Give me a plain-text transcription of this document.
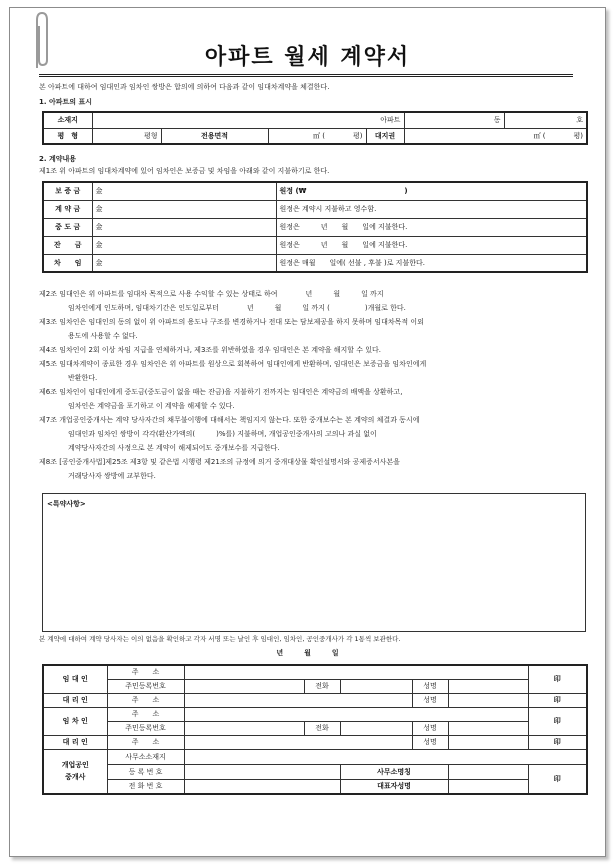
아파트 월세 계약서
본 아파트에 대하여 임대인과 임차인 쌍방은 합의에 의하여 다음과 같이 임대차계약을 체결한다.
1. 아파트의 표시
소재지	아파트				동	호
평　형	평형	전용면적	㎡ (　　　　평)	대지권	㎡ (　　　　평)	
2. 계약내용
제1조 위 아파트의 임대차계약에 있어 임차인은 보증금 및 차임을 아래와 같이 지불하기로 한다.
보 증 금	金	원정 (₩　　　　　　　　　　　　　　)
계 약 금	金	원정은 계약시 지불하고 영수함.
중 도 금	金	원정은　　　년　　월　　일에 지불한다.
잔　　금	金	원정은　　　년　　월　　일에 지불한다.
차　　임	金	원정은 매월　　일에( 선불 , 후불 )로 지불한다.
제2조 임대인은 위 아파트를 임대차 목적으로 사용 수익할 수 있는 상태로 하여　　　　년　　　월　　　일 까지
임차인에게 인도하며, 임대차기간은 인도일로부터　　　　년　　　월　　　일 까지 (　　　　　)개월로 한다.
제3조 임차인은 임대인의 동의 없이 위 아파트의 용도나 구조를 변경하거나 전대 또는 담보제공을 하지 못하며 임대차목적 이외
용도에 사용할 수 없다.
제4조 임차인이 2회 이상 차임 지급을 연체하거나, 제3조를 위반하였을 경우 임대인은 본 계약을 해지할 수 있다.
제5조 임대차계약이 종료한 경우 임차인은 위 아파트를 원상으로 회복하여 임대인에게 반환하며, 임대인은 보증금을 임차인에게
반환한다.
제6조 임차인이 임대인에게 중도금(중도금이 없을 때는 잔금)을 지불하기 전까지는 임대인은 계약금의 배액을 상환하고,
임차인은 계약금을 포기하고 이 계약을 해제할 수 있다.
제7조 개업공인중개사는 계약 당사자간의 채무불이행에 대해서는 책임지지 않는다. 또한 중개보수는 본 계약의 체결과 동시에
임대인과 임차인 쌍방이 각각(환산가액의(　　　)%를) 지불하며, 개업공인중개사의 고의나 과실 없이
계약당사자간의 사정으로 본 계약이 해제되어도 중개보수를 지급한다.
제8조 [공인중개사법]제25조 제3항 및 같은법 시행령 제21조의 규정에 의거 중개대상물 확인설명서와 공제증서사본을
거래당사자 쌍방에 교부한다.
<특약사항>
본 계약에 대하여 계약 당사자는 이의 없음을 확인하고 각자 서명 또는 날인 후 임대인, 임차인, 공인중개사가 각 1통씩 보관한다.
년　　　월　　　일
임 대 인	주　　소						印
	주민등록번호		전화		성명		
대 리 인	주　　소				성명		印
임 차 인	주　　소						印
	주민등록번호		전화		성명		
대 리 인	주　　소				성명		印
개업공인
중개사	사무소소재지						
	등 록 번 호			사무소명칭			印
	전 화 번 호			대표자성명			
